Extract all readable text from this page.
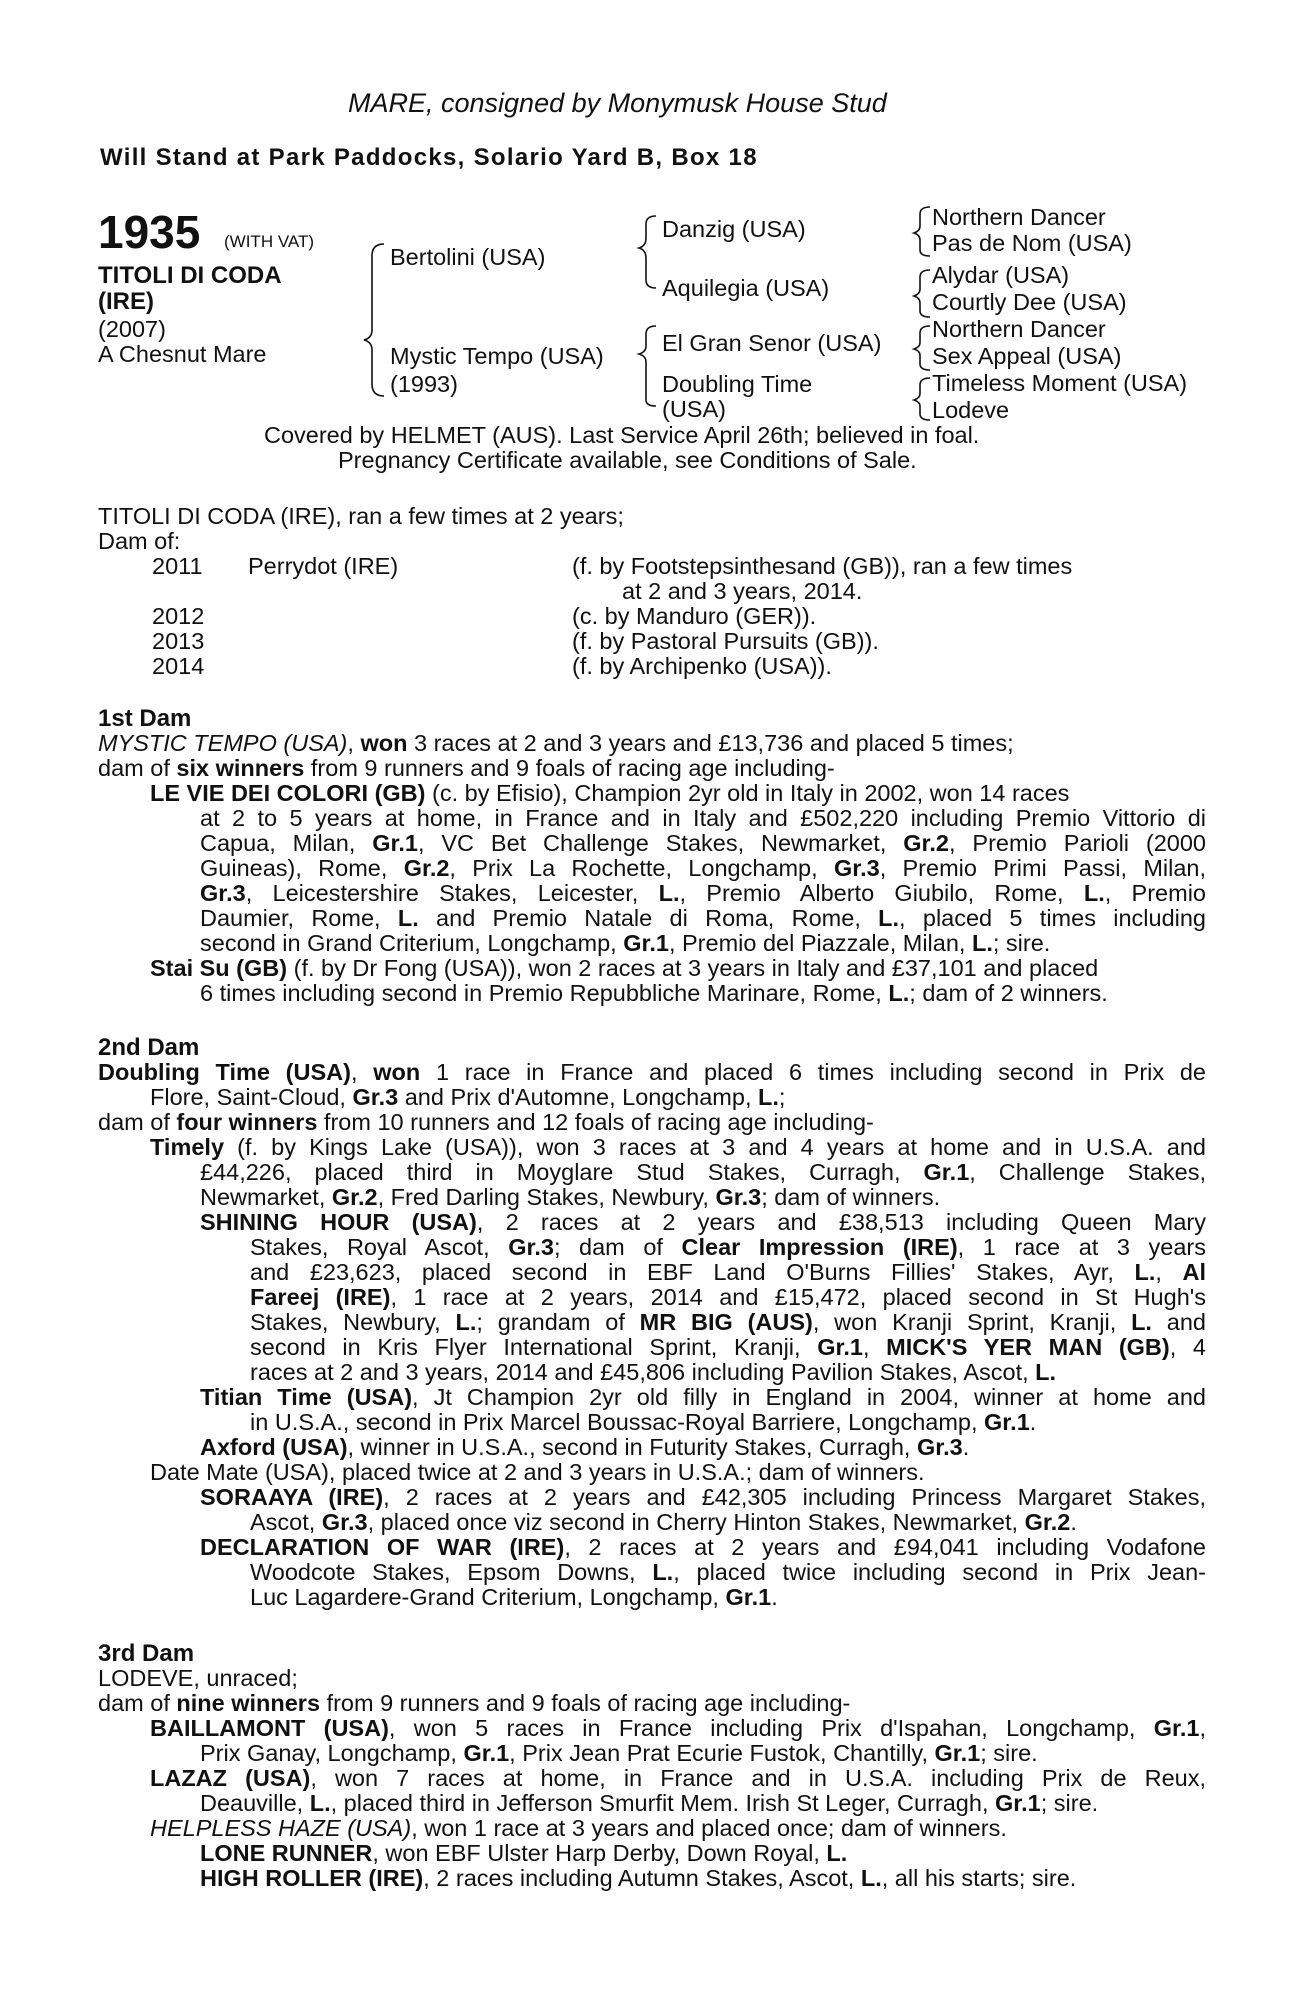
MARE, consigned by Monymusk House Stud
Will Stand at Park Paddocks, Solario Yard B, Box 18
1935 (WITH VAT)
TITOLI DI CODA
(IRE)
(2007)
A Chesnut Mare
Bertolini (USA)
Mystic Tempo (USA)
(1993)
Danzig (USA)
Aquilegia (USA)
El Gran Senor (USA)
Doubling Time
(USA)
Northern Dancer
Pas de Nom (USA)
Alydar (USA)
Courtly Dee (USA)
Northern Dancer
Sex Appeal (USA)
Timeless Moment (USA)
Lodeve
Covered by HELMET (AUS). Last Service April 26th; believed in foal.
Pregnancy Certificate available, see Conditions of Sale.
TITOLI DI CODA (IRE), ran a few times at 2 years;
Dam of:
2011 Perrydot (IRE)	(f. by Footstepsinthesand (GB)), ran a few times
at 2 and 3 years, 2014.
2012	(c. by Manduro (GER)).
2013	(f. by Pastoral Pursuits (GB)).
2014	(f. by Archipenko (USA)).
1st Dam
MYSTIC TEMPO (USA), won 3 races at 2 and 3 years and £13,736 and placed 5 times;
dam of six winners from 9 runners and 9 foals of racing age including-
LE VIE DEI COLORI (GB) (c. by Efisio), Champion 2yr old in Italy in 2002, won 14 races
at 2 to 5 years at home, in France and in Italy and £502,220 including Premio Vittorio di
Capua, Milan, Gr.1, VC Bet Challenge Stakes, Newmarket, Gr.2, Premio Parioli (2000
Guineas), Rome, Gr.2, Prix La Rochette, Longchamp, Gr.3, Premio Primi Passi, Milan,
Gr.3, Leicestershire Stakes, Leicester, L., Premio Alberto Giubilo, Rome, L., Premio
Daumier, Rome, L. and Premio Natale di Roma, Rome, L., placed 5 times including
second in Grand Criterium, Longchamp, Gr.1, Premio del Piazzale, Milan, L.; sire.
Stai Su (GB) (f. by Dr Fong (USA)), won 2 races at 3 years in Italy and £37,101 and placed
6 times including second in Premio Repubbliche Marinare, Rome, L.; dam of 2 winners.
2nd Dam
Doubling Time (USA), won 1 race in France and placed 6 times including second in Prix de
Flore, Saint-Cloud, Gr.3 and Prix d'Automne, Longchamp, L.;
dam of four winners from 10 runners and 12 foals of racing age including-
Timely (f. by Kings Lake (USA)), won 3 races at 3 and 4 years at home and in U.S.A. and
£44,226, placed third in Moyglare Stud Stakes, Curragh, Gr.1, Challenge Stakes,
Newmarket, Gr.2, Fred Darling Stakes, Newbury, Gr.3; dam of winners.
SHINING HOUR (USA), 2 races at 2 years and £38,513 including Queen Mary
Stakes, Royal Ascot, Gr.3; dam of Clear Impression (IRE), 1 race at 3 years
and £23,623, placed second in EBF Land O'Burns Fillies' Stakes, Ayr, L., Al
Fareej (IRE), 1 race at 2 years, 2014 and £15,472, placed second in St Hugh's
Stakes, Newbury, L.; grandam of MR BIG (AUS), won Kranji Sprint, Kranji, L. and
second in Kris Flyer International Sprint, Kranji, Gr.1, MICK'S YER MAN (GB), 4
races at 2 and 3 years, 2014 and £45,806 including Pavilion Stakes, Ascot, L.
Titian Time (USA), Jt Champion 2yr old filly in England in 2004, winner at home and
in U.S.A., second in Prix Marcel Boussac-Royal Barriere, Longchamp, Gr.1.
Axford (USA), winner in U.S.A., second in Futurity Stakes, Curragh, Gr.3.
Date Mate (USA), placed twice at 2 and 3 years in U.S.A.; dam of winners.
SORAAYA (IRE), 2 races at 2 years and £42,305 including Princess Margaret Stakes,
Ascot, Gr.3, placed once viz second in Cherry Hinton Stakes, Newmarket, Gr.2.
DECLARATION OF WAR (IRE), 2 races at 2 years and £94,041 including Vodafone
Woodcote Stakes, Epsom Downs, L., placed twice including second in Prix Jean-
Luc Lagardere-Grand Criterium, Longchamp, Gr.1.
3rd Dam
LODEVE, unraced;
dam of nine winners from 9 runners and 9 foals of racing age including-
BAILLAMONT (USA), won 5 races in France including Prix d'Ispahan, Longchamp, Gr.1,
Prix Ganay, Longchamp, Gr.1, Prix Jean Prat Ecurie Fustok, Chantilly, Gr.1; sire.
LAZAZ (USA), won 7 races at home, in France and in U.S.A. including Prix de Reux,
Deauville, L., placed third in Jefferson Smurfit Mem. Irish St Leger, Curragh, Gr.1; sire.
HELPLESS HAZE (USA), won 1 race at 3 years and placed once; dam of winners.
LONE RUNNER, won EBF Ulster Harp Derby, Down Royal, L.
HIGH ROLLER (IRE), 2 races including Autumn Stakes, Ascot, L., all his starts; sire.
